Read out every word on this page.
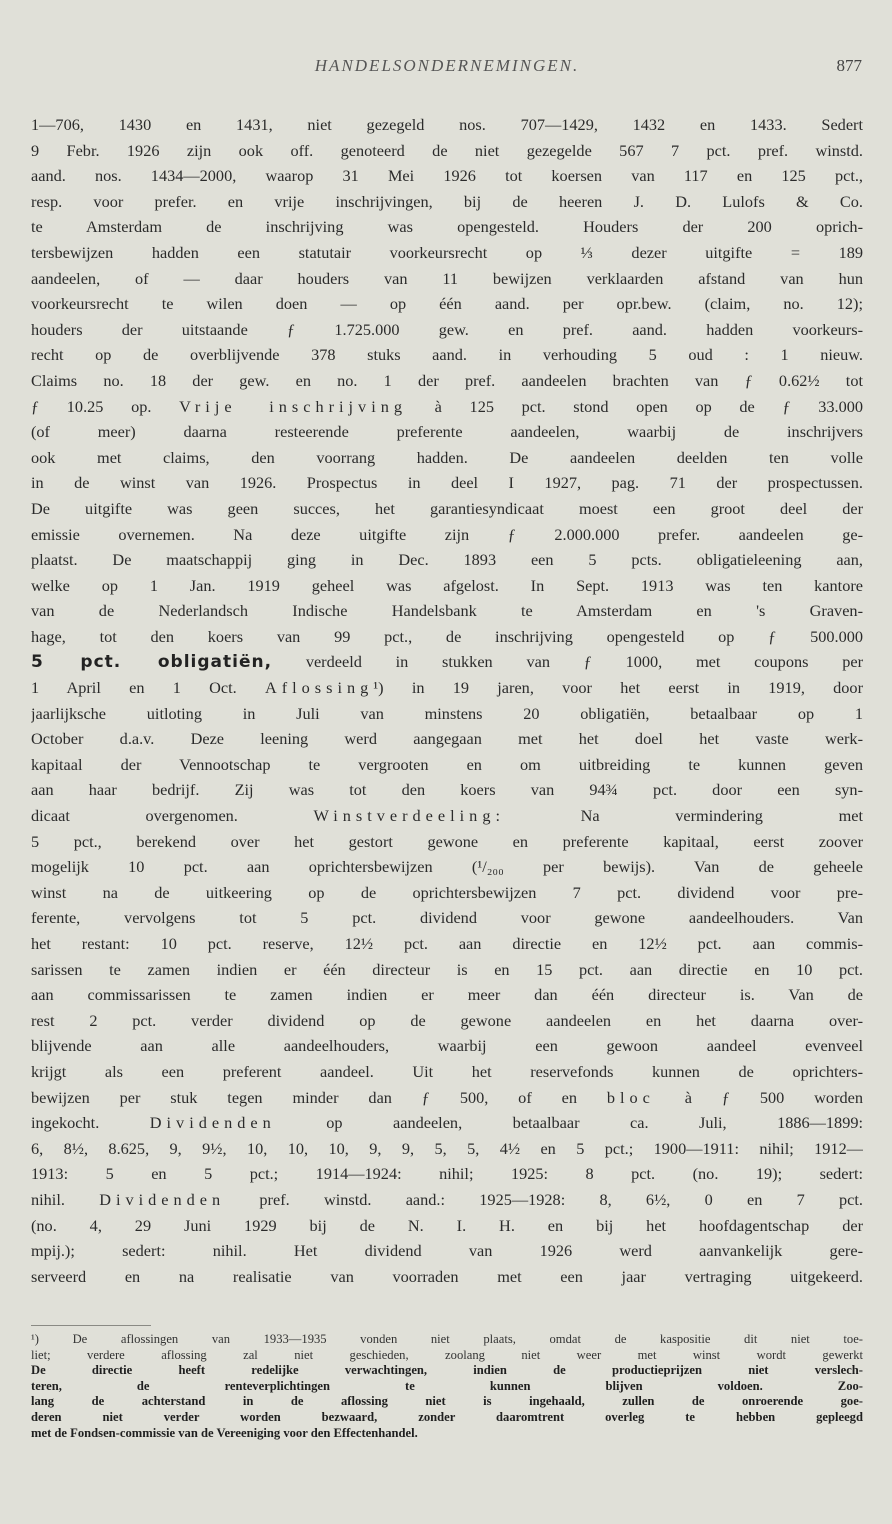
HANDELSONDERNEMINGEN.	877
1—706, 1430 en 1431, niet gezegeld nos. 707—1429, 1432 en 1433. Sedert
9 Febr. 1926 zijn ook off. genoteerd de niet gezegelde 567 7 pct. pref. winstd.
aand. nos. 1434—2000, waarop 31 Mei 1926 tot koersen van 117 en 125 pct.,
resp. voor prefer. en vrije inschrijvingen, bij de heeren J. D. Lulofs & Co.
te Amsterdam de inschrijving was opengesteld. Houders der 200 oprich-
tersbewijzen hadden een statutair voorkeursrecht op ⅓ dezer uitgifte = 189
aandeelen, of — daar houders van 11 bewijzen verklaarden afstand van hun
voorkeursrecht te wilen doen — op één aand. per opr.bew. (claim, no. 12);
houders der uitstaande ƒ 1.725.000 gew. en pref. aand. hadden voorkeurs-
recht op de overblijvende 378 stuks aand. in verhouding 5 oud : 1 nieuw.
Claims no. 18 der gew. en no. 1 der pref. aandeelen brachten van ƒ 0.62½ tot
ƒ 10.25 op. Vrije inschrijving à 125 pct. stond open op de ƒ 33.000
(of meer) daarna resteerende preferente aandeelen, waarbij de inschrijvers
ook met claims, den voorrang hadden. De aandeelen deelden ten volle
in de winst van 1926. Prospectus in deel I 1927, pag. 71 der prospectussen.
De uitgifte was geen succes, het garantiesyndicaat moest een groot deel der
emissie overnemen. Na deze uitgifte zijn ƒ 2.000.000 prefer. aandeelen ge-
plaatst. De maatschappij ging in Dec. 1893 een 5 pcts. obligatieleening aan,
welke op 1 Jan. 1919 geheel was afgelost. In Sept. 1913 was ten kantore
van de Nederlandsch Indische Handelsbank te Amsterdam en 's Graven-
hage, tot den koers van 99 pct., de inschrijving opengesteld op ƒ 500.000
5 pct. obligatiën, verdeeld in stukken van ƒ 1000, met coupons per
1 April en 1 Oct. Aflossing¹) in 19 jaren, voor het eerst in 1919, door
jaarlijksche uitloting in Juli van minstens 20 obligatiën, betaalbaar op 1
October d.a.v. Deze leening werd aangegaan met het doel het vaste werk-
kapitaal der Vennootschap te vergrooten en om uitbreiding te kunnen geven
aan haar bedrijf. Zij was tot den koers van 94¾ pct. door een syn-
dicaat overgenomen. Winstverdeeling: Na vermindering met
5 pct., berekend over het gestort gewone en preferente kapitaal, eerst zoover
mogelijk 10 pct. aan oprichtersbewijzen (¹/₂₀₀ per bewijs). Van de geheele
winst na de uitkeering op de oprichtersbewijzen 7 pct. dividend voor pre-
ferente, vervolgens tot 5 pct. dividend voor gewone aandeelhouders. Van
het restant: 10 pct. reserve, 12½ pct. aan directie en 12½ pct. aan commis-
sarissen te zamen indien er één directeur is en 15 pct. aan directie en 10 pct.
aan commissarissen te zamen indien er meer dan één directeur is. Van de
rest 2 pct. verder dividend op de gewone aandeelen en het daarna over-
blijvende aan alle aandeelhouders, waarbij een gewoon aandeel evenveel
krijgt als een preferent aandeel. Uit het reservefonds kunnen de oprichters-
bewijzen per stuk tegen minder dan ƒ 500, of en bloc à ƒ 500 worden
ingekocht. Dividenden op aandeelen, betaalbaar ca. Juli, 1886—1899:
6, 8½, 8.625, 9, 9½, 10, 10, 10, 9, 9, 5, 5, 4½ en 5 pct.; 1900—1911: nihil; 1912—
1913: 5 en 5 pct.; 1914—1924: nihil; 1925: 8 pct. (no. 19); sedert:
nihil. Dividenden pref. winstd. aand.: 1925—1928: 8, 6½, 0 en 7 pct.
(no. 4, 29 Juni 1929 bij de N. I. H. en bij het hoofdagentschap der
mpij.); sedert: nihil. Het dividend van 1926 werd aanvankelijk gere-
serveerd en na realisatie van voorraden met een jaar vertraging uitgekeerd.
¹) De aflossingen van 1933—1935 vonden niet plaats, omdat de kaspositie dit niet toe-
liet; verdere aflossing zal niet geschieden, zoolang niet weer met winst wordt gewerkt
De directie heeft redelijke verwachtingen, indien de productieprijzen niet verslech-
teren, de renteverplichtingen te kunnen blijven voldoen. Zoo-
lang de achterstand in de aflossing niet is ingehaald, zullen de onroerende goe-
deren niet verder worden bezwaard, zonder daaromtrent overleg te hebben gepleegd
met de Fondsen-commissie van de Vereeniging voor den Effectenhandel.
